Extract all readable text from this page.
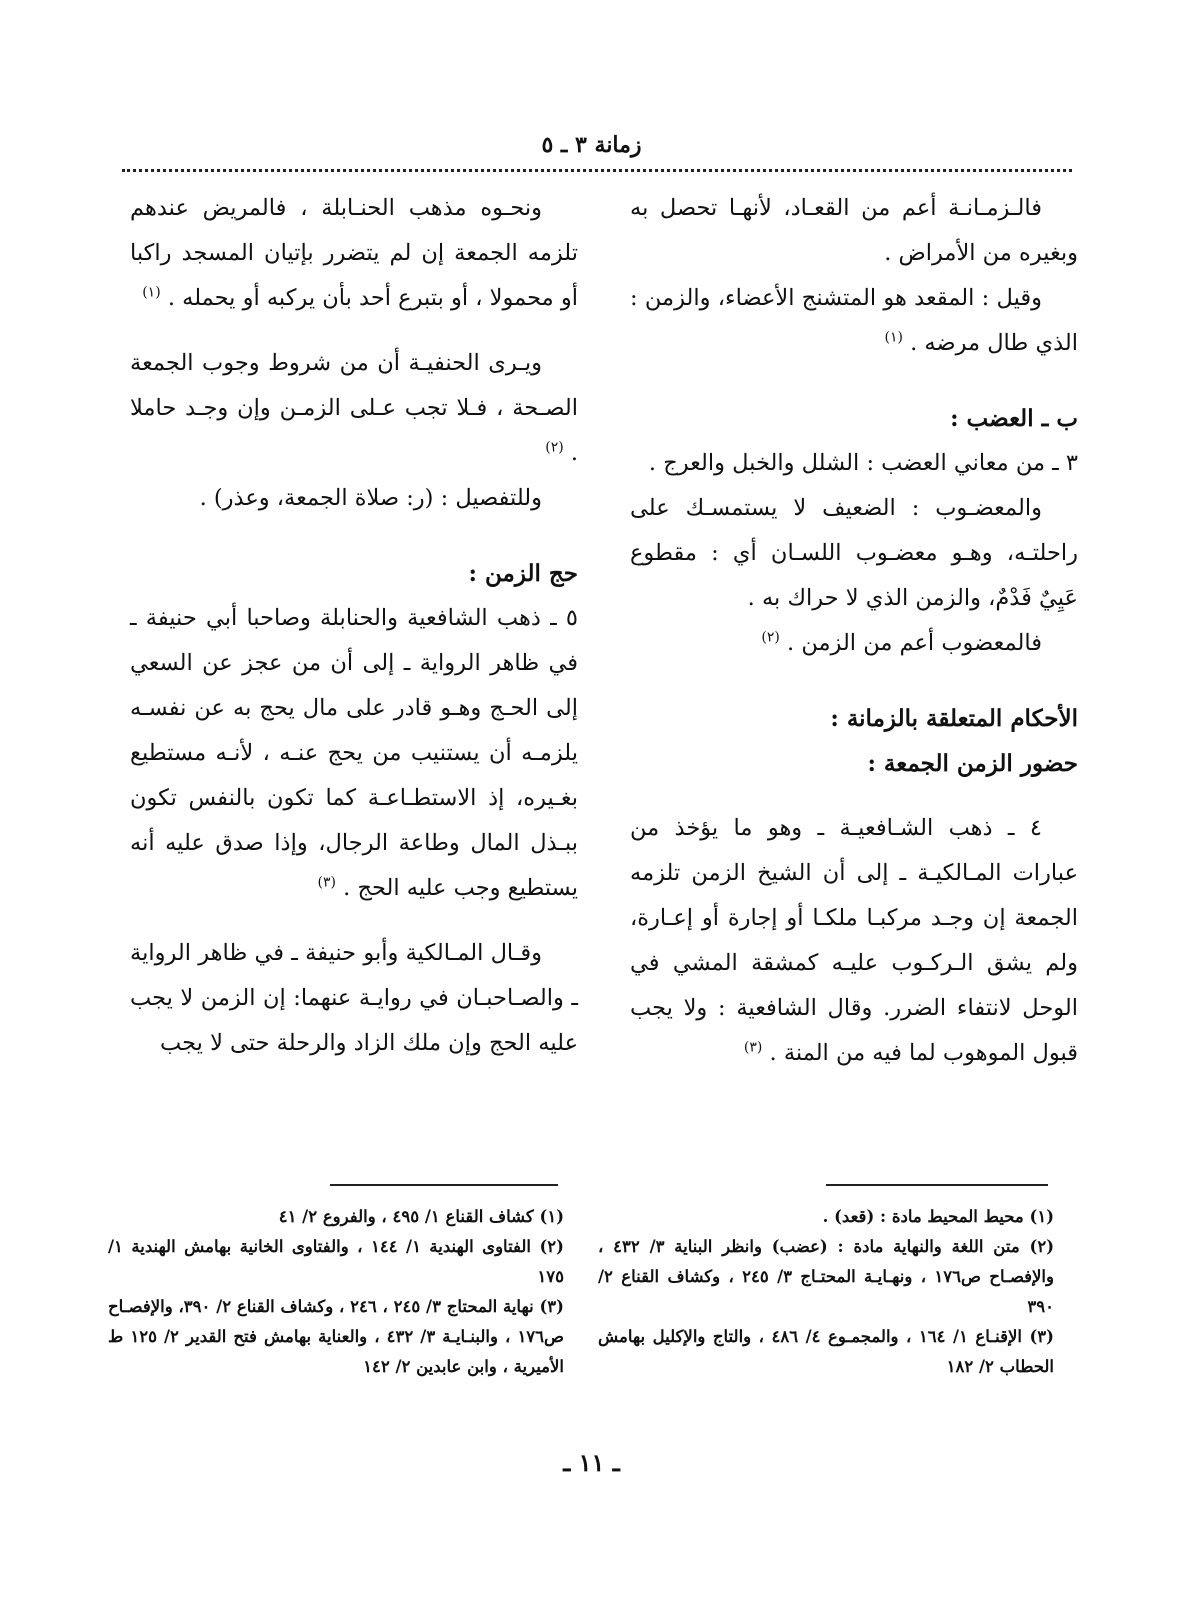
زمانة ٣ ـ ٥

فالـزمـانـة أعم من القعـاد، لأنهـا تحصل به وبغيره من الأمراض .

وقيل : المقعد هو المتشنج الأعضاء، والزمن : الذي طال مرضه . $^{(١)}$

ب ـ العضب :

٣ ـ من معاني العضب : الشلل والخبل والعرج .

والمعضـوب : الضعيف لا يستمسـك على راحلتـه، وهـو معضـوب اللسـان أي : مقطوع عَيِيٌ فَدْمٌ، والزمن الذي لا حراك به .

فالمعضوب أعم من الزمن . $^{(٢)}$

الأحكام المتعلقة بالزمانة :
حضور الزمن الجمعة :

٤ ـ ذهب الشـافعيـة ـ وهو ما يؤخذ من عبارات المـالكيـة ـ إلى أن الشيخ الزمن تلزمه الجمعة إن وجـد مركبـا ملكـا أو إجارة أو إعـارة، ولم يشق الـركـوب عليـه كمشقة المشي في الوحل لانتفاء الضرر. وقال الشافعية : ولا يجب قبول الموهوب لما فيه من المنة . $^{(٣)}$

ونحـوه مذهب الحنـابلة ، فالمريض عندهم تلزمه الجمعة إن لم يتضرر بإتيان المسجد راكبا أو محمولا ، أو بتبرع أحد بأن يركبه أو يحمله . $^{(١)}$

ويـرى الحنفيـة أن من شروط وجوب الجمعة الصـحة ، فـلا تجب عـلى الزمـن وإن وجـد حاملا . $^{(٢)}$

وللتفصيل : (ر: صلاة الجمعة، وعذر) .

حج الزمن :

٥ ـ ذهب الشافعية والحنابلة وصاحبا أبي حنيفة ـ في ظاهر الرواية ـ إلى أن من عجز عن السعي إلى الحـج وهـو قادر على مال يحج به عن نفسـه يلزمـه أن يستنيب من يحج عنـه ، لأنـه مستطيع بغـيره، إذ الاستطـاعـة كما تكون بالنفس تكون ببـذل المال وطاعة الرجال، وإذا صدق عليه أنه يستطيع وجب عليه الحج . $^{(٣)}$

وقـال المـالكية وأبو حنيفة ـ في ظاهر الرواية ـ والصـاحبـان في روايـة عنهما: إن الزمن لا يجب عليه الحج وإن ملك الزاد والرحلة حتى لا يجب

(١) محيط المحيط مادة : (قعد) .

(٢) متن اللغة والنهاية مادة : (عضب) وانظر البناية ٣/ ٤٣٢ ، والإفصـاح ص١٧٦ ، ونهـايـة المحتـاج ٣/ ٢٤٥ ، وكشاف القناع ٢/ ٣٩٠

(٣) الإقنـاع ١/ ١٦٤ ، والمجمـوع ٤/ ٤٨٦ ، والتاج والإكليل بهامش الحطاب ٢/ ١٨٢

(١) كشاف القناع ١/ ٤٩٥ ، والفروع ٢/ ٤١

(٢) الفتاوى الهندية ١/ ١٤٤ ، والفتاوى الخانية بهامش الهندية ١/ ١٧٥

(٣) نهاية المحتاج ٣/ ٢٤٥ ، ٢٤٦ ، وكشاف القناع ٢/ ٣٩٠، والإفصـاح ص١٧٦ ، والبنـايـة ٣/ ٤٣٢ ، والعناية بهامش فتح القدير ٢/ ١٢٥ ط الأميرية ، وابن عابدين ٢/ ١٤٢

ـ ١١ ـ
